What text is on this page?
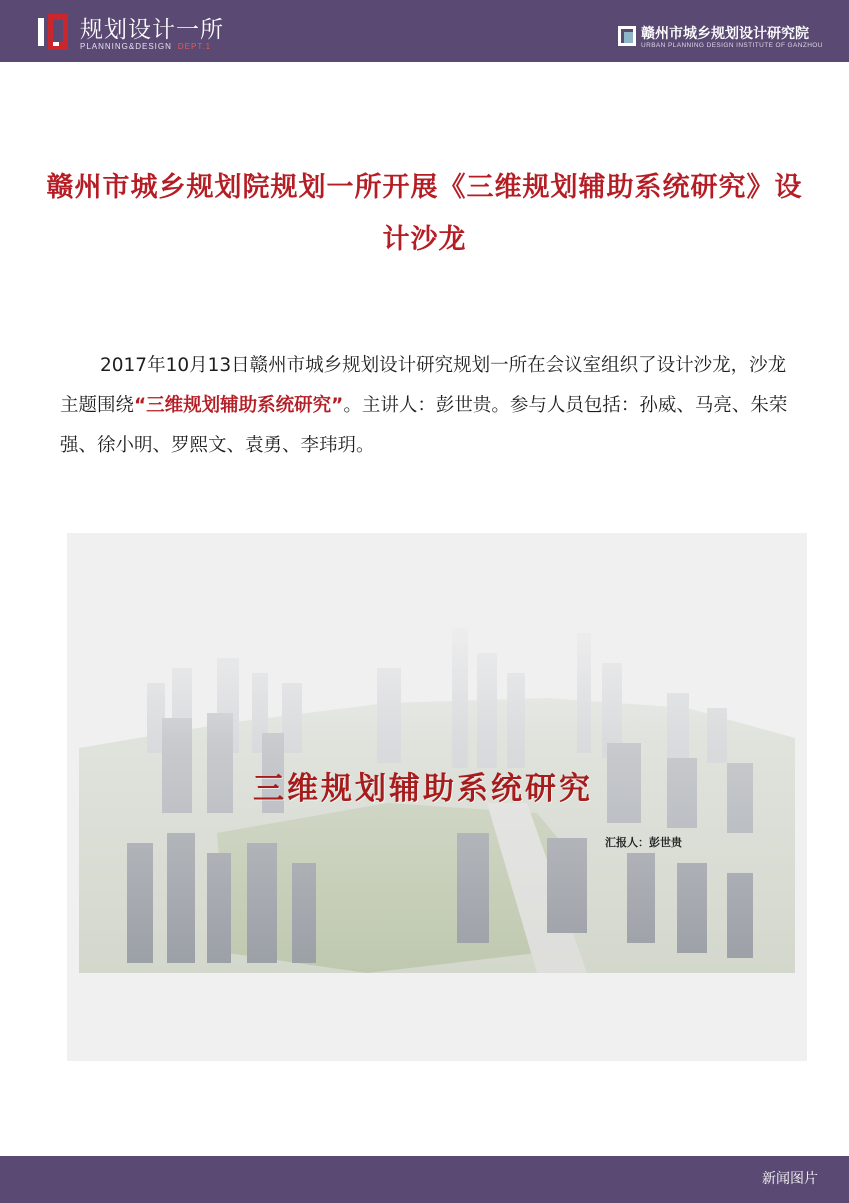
规划设计一所
PLANNING&DESIGN DEPT.1
赣州市城乡规划设计研究院
URBAN PLANNING DESIGN INSTITUTE OF GANZHOU
赣州市城乡规划院规划一所开展《三维规划辅助系统研究》设计沙龙

2017年10月13日赣州市城乡规划设计研究规划一所在会议室组织了设计沙龙，沙龙主题围绕“三维规划辅助系统研究”。主讲人：彭世贵。参与人员包括：孙威、马亮、朱荣强、徐小明、罗熙文、袁勇、李玮玥。

三维规划辅助系统研究
汇报人：彭世贵
新闻图片
